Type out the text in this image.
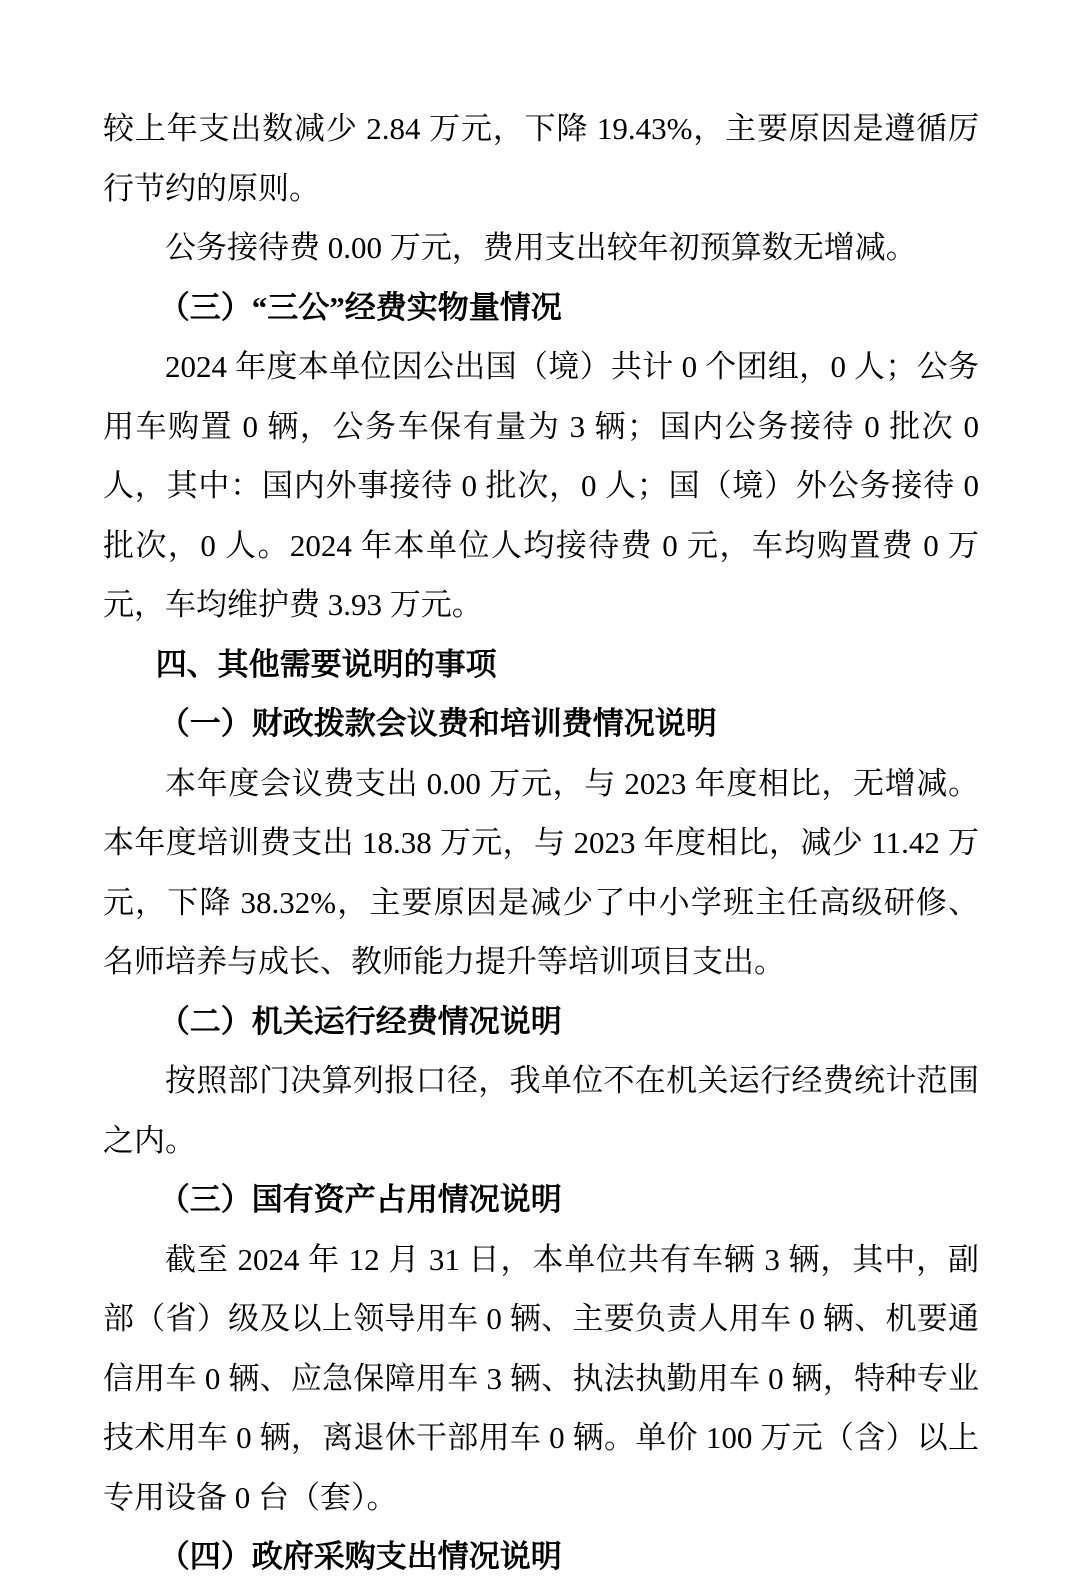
较上年支出数减少 2.84 万元，下降 19.43%，主要原因是遵循厉行节约的原则。

公务接待费 0.00 万元，费用支出较年初预算数无增减。

（三）“三公”经费实物量情况

2024 年度本单位因公出国（境）共计 0 个团组，0 人；公务用车购置 0 辆，公务车保有量为 3 辆；国内公务接待 0 批次 0 人，其中：国内外事接待 0 批次，0 人；国（境）外公务接待 0 批次，0 人。2024 年本单位人均接待费 0 元，车均购置费 0 万元，车均维护费 3.93 万元。

四、其他需要说明的事项

（一）财政拨款会议费和培训费情况说明

本年度会议费支出 0.00 万元，与 2023 年度相比，无增减。本年度培训费支出 18.38 万元，与 2023 年度相比，减少 11.42 万元，下降 38.32%，主要原因是减少了中小学班主任高级研修、名师培养与成长、教师能力提升等培训项目支出。

（二）机关运行经费情况说明

按照部门决算列报口径，我单位不在机关运行经费统计范围之内。

（三）国有资产占用情况说明

截至 2024 年 12 月 31 日，本单位共有车辆 3 辆，其中，副部（省）级及以上领导用车 0 辆、主要负责人用车 0 辆、机要通信用车 0 辆、应急保障用车 3 辆、执法执勤用车 0 辆，特种专业技术用车 0 辆，离退休干部用车 0 辆。单价 100 万元（含）以上专用设备 0 台（套）。

（四）政府采购支出情况说明
